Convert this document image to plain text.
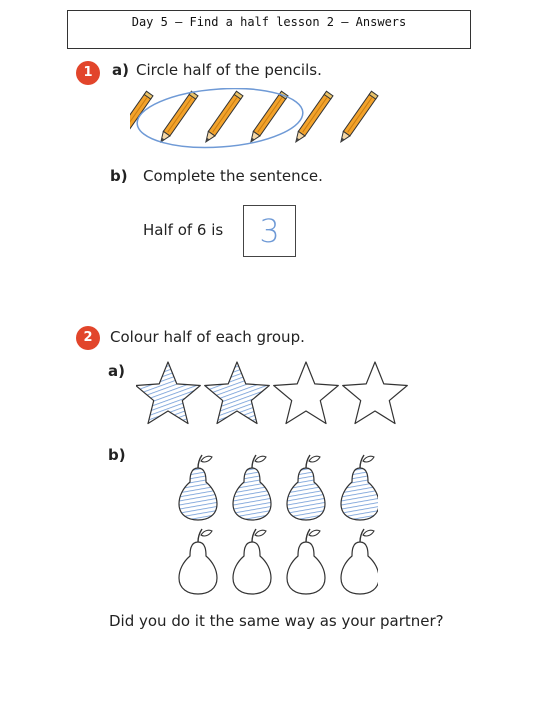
Day 5 – Find a half lesson 2 – Answers
1	a) Circle half of the pencils.
b) Complete the sentence.
Half of 6 is	3
2	Colour half of each group.
a)
b)
Did you do it the same way as your partner?
